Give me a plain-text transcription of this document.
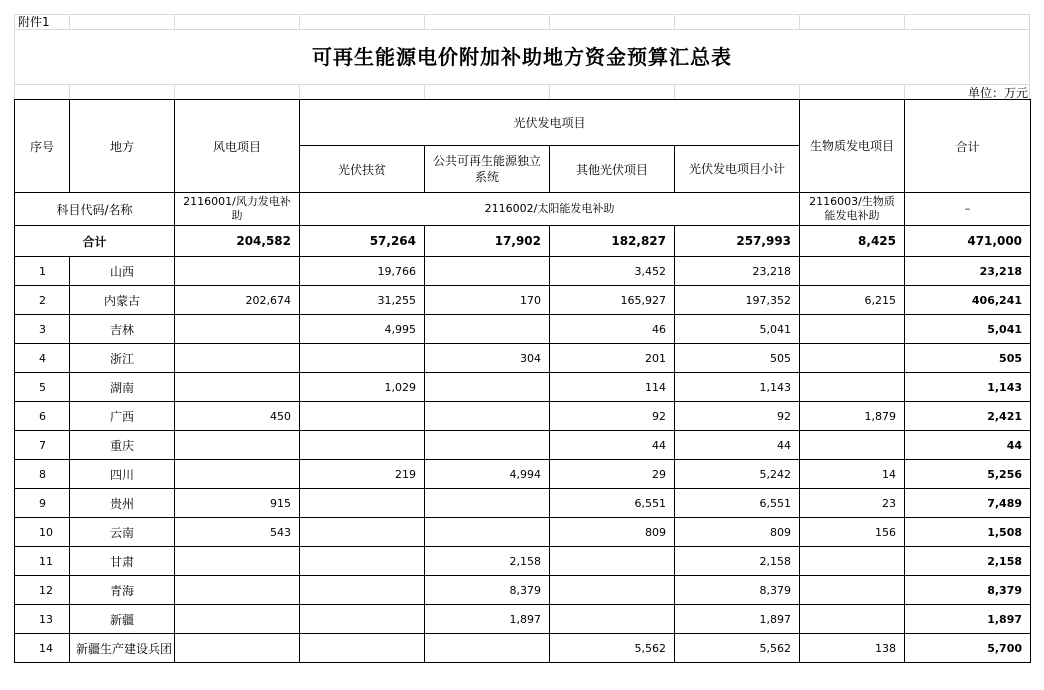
附件1
可再生能源电价附加补助地方资金预算汇总表
单位：万元
序号	地方	风电项目	光伏发电项目				生物质发电项目	合计
			光伏扶贫	公共可再生能源独立系统	其他光伏项目	光伏发电项目小计		
科目代码/名称		2116001/风力发电补助	2116002/太阳能发电补助				2116003/生物质能发电补助	–
合计		204,582	57,264	17,902	182,827	257,993	8,425	471,000
1	山西		19,766		3,452	23,218		23,218
2	内蒙古	202,674	31,255	170	165,927	197,352	6,215	406,241
3	吉林		4,995		46	5,041		5,041
4	浙江			304	201	505		505
5	湖南		1,029		114	1,143		1,143
6	广西	450			92	92	1,879	2,421
7	重庆				44	44		44
8	四川		219	4,994	29	5,242	14	5,256
9	贵州	915			6,551	6,551	23	7,489
10	云南	543			809	809	156	1,508
11	甘肃			2,158		2,158		2,158
12	青海			8,379		8,379		8,379
13	新疆			1,897		1,897		1,897
14	新疆生产建设兵团				5,562	5,562	138	5,700
